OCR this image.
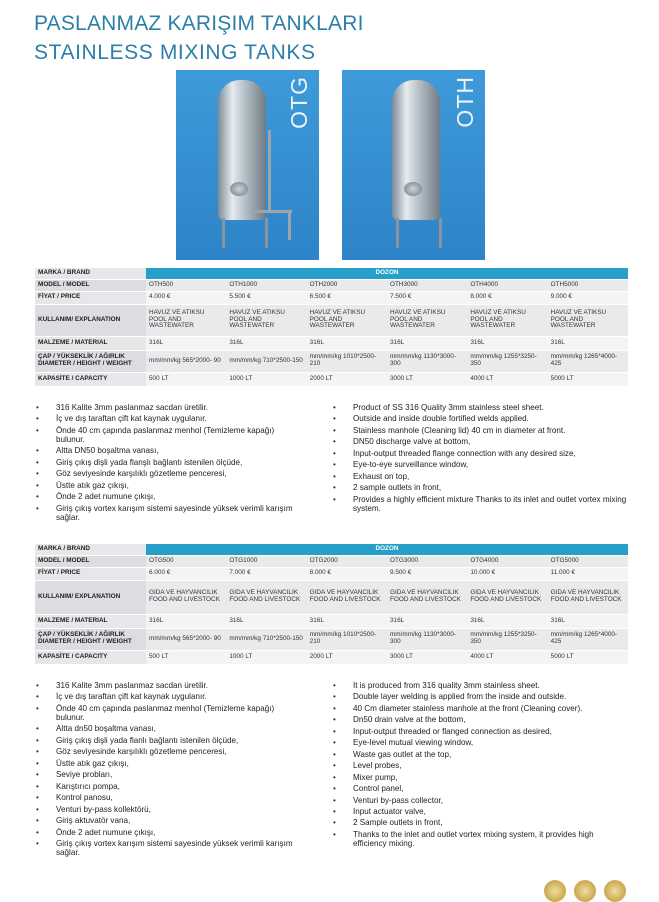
PASLANMAZ KARIŞIM TANKLARI
STAINLESS MIXING TANKS
OTG	OTH
MARKA / BRAND	DOZON					
MODEL / MODEL	OTH500	OTH1000	OTH2000	OTH3000	OTH4000	OTH5000
FİYAT / PRICE	4.000 €	5.500 €	6.500 €	7.500 €	8.000 €	9.000 €
KULLANIM/ EXPLANATION	HAVUZ VE ATIKSU POOL AND WASTEWATER	HAVUZ VE ATIKSU POOL AND WASTEWATER	HAVUZ VE ATIKSU POOL AND WASTEWATER	HAVUZ VE ATIKSU POOL AND WASTEWATER	HAVUZ VE ATIKSU POOL AND WASTEWATER	HAVUZ VE ATIKSU POOL AND WASTEWATER
MALZEME / MATERIAL	316L	316L	316L	316L	316L	316L
ÇAP / YÜKSEKLİK / AĞIRLIK DIAMETER / HEIGHT / WEIGHT	mm/mm/kg 565*2000- 90	mm/mm/kg 710*2500-150	mm/mm/kg 1010*2500-210	mm/mm/kg 1130*3000-300	mm/mm/kg 1255*3250-350	mm/mm/kg 1265*4000-425
KAPASİTE / CAPACITY	500 LT	1000 LT	2000 LT	3000 LT	4000 LT	5000 LT
• 316 Kalite 3mm paslanmaz sacdan üretilir.
• İç ve dış taraftan çift kat kaynak uygulanır.
• Önde 40 cm çapında paslanmaz menhol (Temizleme kapağı) bulunur.
• Altta DN50 boşaltma vanası,
• Giriş çıkış dişli yada flanşlı bağlantı istenilen ölçüde,
• Göz seviyesinde karşılıklı gözetleme penceresi,
• Üstte atık gaz çıkışı,
• Önde 2 adet numune çıkışı,
• Giriş çıkış vortex karışım sistemi sayesinde yüksek verimli karışım sağlar.
• Product of SS 316 Quality 3mm stainless steel sheet.
• Outside and inside double fortified welds applied.
• Stainless manhole (Cleaning lid) 40 cm in diameter at front.
• DN50 discharge valve at bottom,
• Input-output threaded flange connection with any desired size,
• Eye-to-eye surveillance window,
• Exhaust on top,
• 2 sample outlets in front,
• Provides a highly efficient mixture Thanks to its inlet and outlet vortex mixing system.
MARKA / BRAND	DOZON					
MODEL / MODEL	OTG500	OTG1000	OTG2000	OTG3000	OTG4000	OTG5000
FİYAT / PRICE	6.000 €	7.000 €	8.000 €	9.500 €	10.000 €	11.000 €
KULLANIM/ EXPLANATION	GIDA VE HAYVANCILIK FOOD AND LIVESTOCK	GIDA VE HAYVANCILIK FOOD AND LIVESTOCK	GIDA VE HAYVANCILIK FOOD AND LIVESTOCK	GIDA VE HAYVANCILIK FOOD AND LIVESTOCK	GIDA VE HAYVANCILIK FOOD AND LIVESTOCK	GIDA VE HAYVANCILIK FOOD AND LIVESTOCK
MALZEME / MATERIAL	316L	316L	316L	316L	316L	316L
ÇAP / YÜKSEKLİK / AĞIRLIK DIAMETER / HEIGHT / WEIGHT	mm/mm/kg 565*2000- 90	mm/mm/kg 710*2500-150	mm/mm/kg 1010*2500-210	mm/mm/kg 1130*3000-300	mm/mm/kg 1255*3250-350	mm/mm/kg 1265*4000-425
KAPASİTE / CAPACITY	500 LT	1000 LT	2000 LT	3000 LT	4000 LT	5000 LT
• 316 Kalite 3mm paslanmaz sacdan üretilir.
• İç ve dış taraftan çift kat kaynak uygulanır.
• Önde 40 cm çapında paslanmaz menhol (Temizleme kapağı) bulunur.
• Altta dn50 boşaltma vanası,
• Giriş çıkış dişli yada flanlı bağlantı istenilen ölçüde,
• Göz seviyesinde karşılıklı gözetleme penceresi,
• Üstte atık gaz çıkışı,
• Seviye probları,
• Karıştırıcı pompa,
• Kontrol panosu,
• Venturi by-pass kollektörü,
• Giriş aktuvatör vana,
• Önde 2 adet numune çıkışı,
• Giriş çıkış vortex karışım sistemi sayesinde yüksek verimli karışım sağlar.
• It is produced from 316 quality 3mm stainless sheet.
• Double layer welding is applied from the inside and outside.
• 40 Cm diameter stainless manhole at the front (Cleaning cover).
• Dn50 drain valve at the bottom,
• Input-output threaded or flanged connection as desired,
• Eye-level mutual viewing window,
• Waste gas outlet at the top,
• Level probes,
• Mixer pump,
• Control panel,
• Venturi by-pass collector,
• Input actuator valve,
• 2 Sample outlets in front,
• Thanks to the inlet and outlet vortex mixing system, it provides high efficiency mixing.
